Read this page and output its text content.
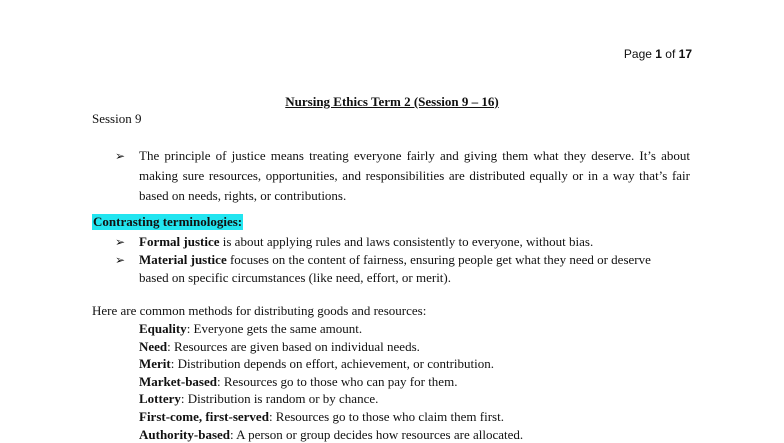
Page 1 of 17
Nursing Ethics Term 2 (Session 9 – 16)
Session 9
➢	The principle of justice means treating everyone fairly and giving them what they deserve. It’s about making sure resources, opportunities, and responsibilities are distributed equally or in a way that’s fair based on needs, rights, or contributions.
Contrasting terminologies:
➢	Formal justice is about applying rules and laws consistently to everyone, without bias.
➢	Material justice focuses on the content of fairness, ensuring people get what they need or deserve based on specific circumstances (like need, effort, or merit).
Here are common methods for distributing goods and resources:
Equality: Everyone gets the same amount.
Need: Resources are given based on individual needs.
Merit: Distribution depends on effort, achievement, or contribution.
Market-based: Resources go to those who can pay for them.
Lottery: Distribution is random or by chance.
First-come, first-served: Resources go to those who claim them first.
Authority-based: A person or group decides how resources are allocated.
